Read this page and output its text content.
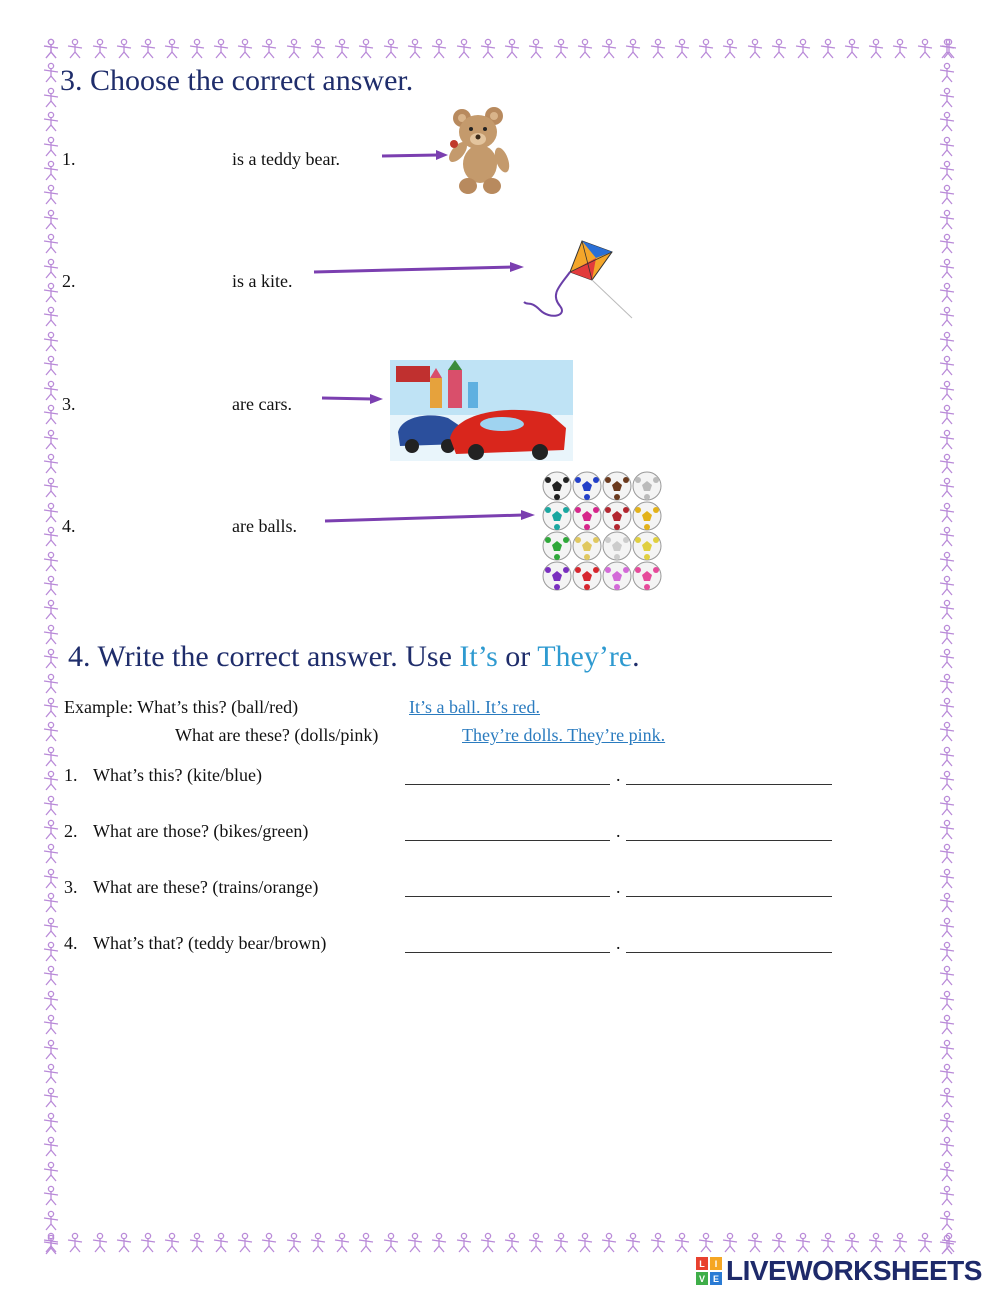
3. Choose the correct answer.
1.	is a teddy bear.
2.	is a kite.
3.	are cars.
4.	are balls.
4. Write the correct answer. Use It’s or They’re.
Example: What’s this? (ball/red)	It’s a ball. It’s red.
What are these? (dolls/pink)	They’re dolls. They’re pink.
1. What’s this? (kite/blue)	.
2. What are those? (bikes/green)	.
3. What are these? (trains/orange)	.
4. What’s that? (teddy bear/brown)	.
L I
V E LIVEWORKSHEETS
